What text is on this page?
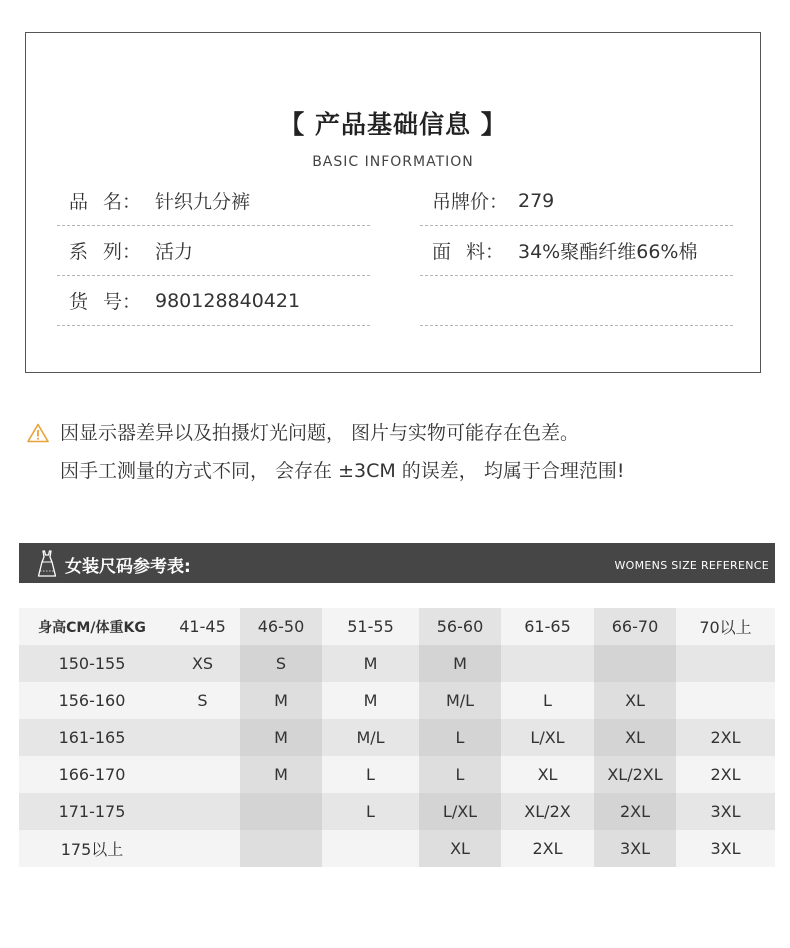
【 产品基础信息 】
BASIC INFORMATION
品 名： 针织九分裤	吊 牌 价： 279
系 列： 活力	面 料： 34%聚酯纤维66%棉
货 号： 980128840421
因显示器差异以及拍摄灯光问题， 图片与实物可能存在色差。
因手工测量的方式不同， 会存在 ±3CM 的误差， 均属于合理范围!
女装尺码参考表:	WOMENS SIZE REFERENCE
身高CM/体重KG	41-45	46-50	51-55	56-60	61-65	66-70	70以上
150-155	XS	S	M	M			
156-160	S	M	M	M/L	L	XL	
161-165		M	M/L	L	L/XL	XL	2XL
166-170		M	L	L	XL	XL/2XL	2XL
171-175			L	L/XL	XL/2X	2XL	3XL
175以上				XL	2XL	3XL	3XL
